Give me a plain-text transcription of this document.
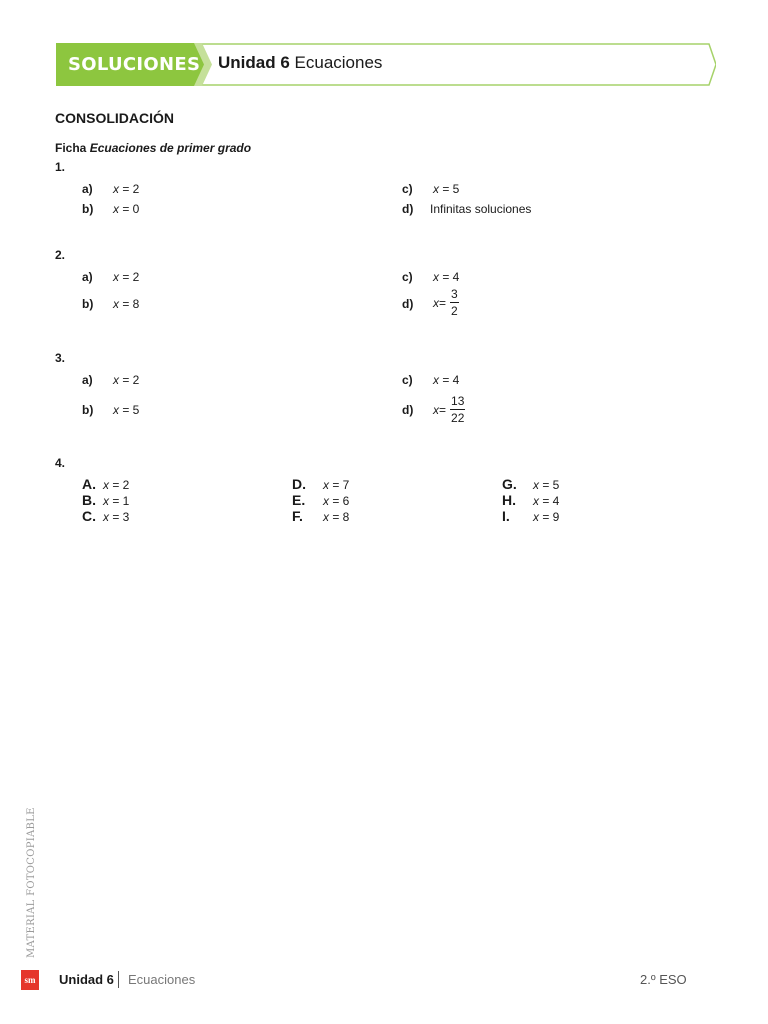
SOLUCIONES Unidad 6 Ecuaciones
CONSOLIDACIÓN
Ficha Ecuaciones de primer grado
1.
a) x = 2
b) x = 0
c) x = 5
d) Infinitas soluciones
2.
a) x = 2
b) x = 8
c) x = 4
d) x =
3
2
3.
a) x = 2
b) x = 5
c) x = 4
d) x =
13
22
4.
A. x = 2
B. x = 1
C. x = 3
D. x = 7
E. x = 6
F. x = 8
G. x = 5
H. x = 4
I. x = 9
MATERIAL FOTOCOPIABLE
sm Unidad 6 Ecuaciones	2.º ESO
